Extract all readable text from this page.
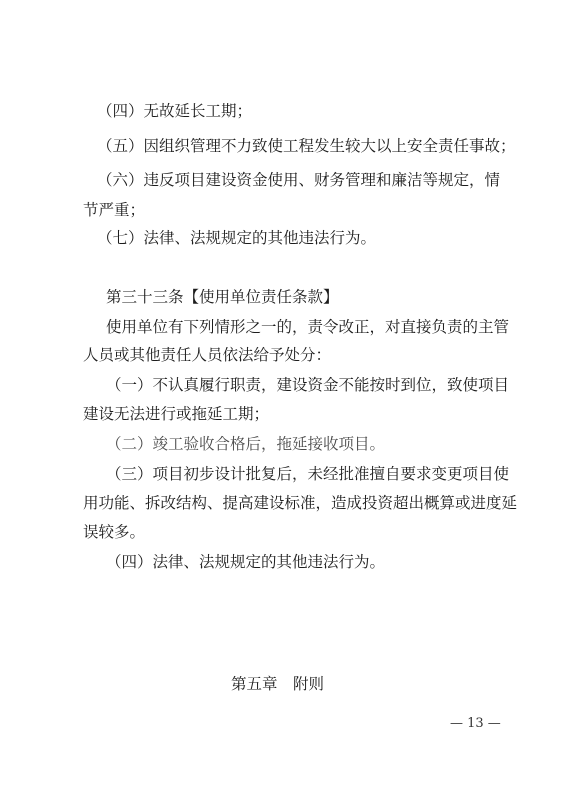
（四）无故延长工期；
（五）因组织管理不力致使工程发生较大以上安全责任事故；
（六）违反项目建设资金使用、财务管理和廉洁等规定，情
节严重；
（七）法律、法规规定的其他违法行为。
第三十三条【使用单位责任条款】
使用单位有下列情形之一的，责令改正，对直接负责的主管
人员或其他责任人员依法给予处分：
（一）不认真履行职责，建设资金不能按时到位，致使项目
建设无法进行或拖延工期；
（二）竣工验收合格后，拖延接收项目。
（三）项目初步设计批复后，未经批准擅自要求变更项目使
用功能、拆改结构、提高建设标准，造成投资超出概算或进度延
误较多。
（四）法律、法规规定的其他违法行为。
第五章　附则
— 13 —
